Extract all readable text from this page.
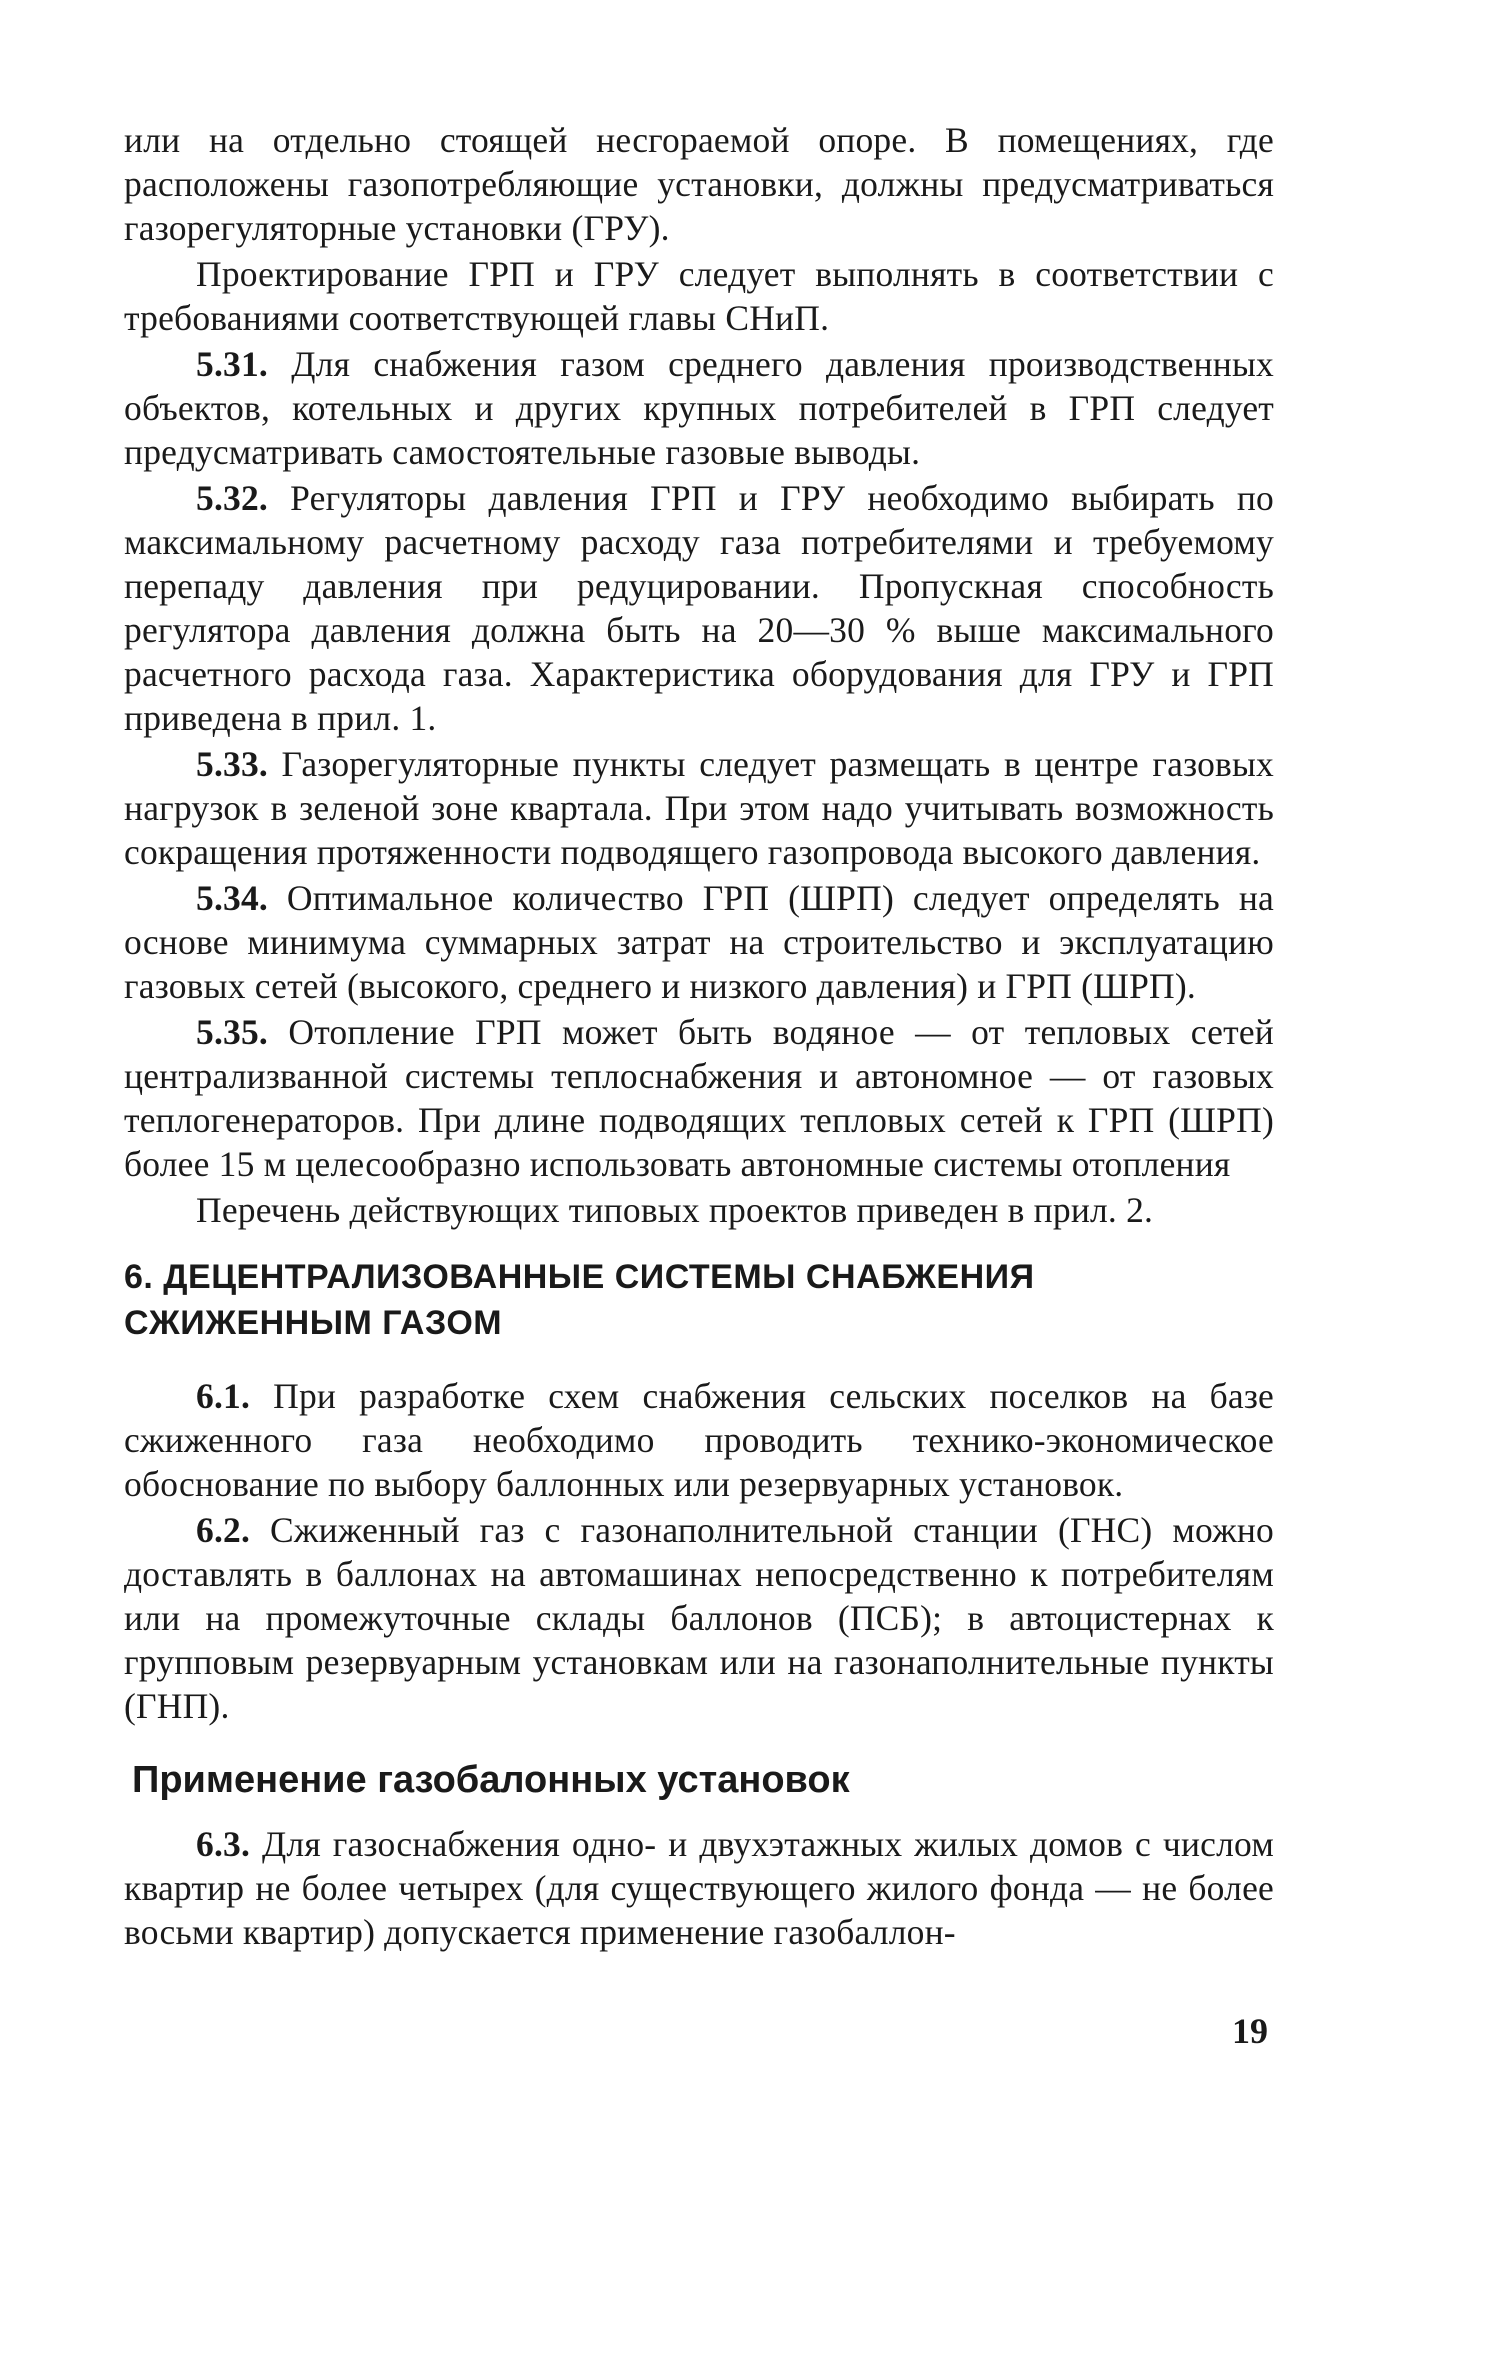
или на отдельно стоящей несгораемой опоре. В помещениях, где расположены газопотребляющие установки, должны предусматриваться газорегуляторные установки (ГРУ).

Проектирование ГРП и ГРУ следует выполнять в соответствии с требованиями соответствующей главы СНиП.

5.31. Для снабжения газом среднего давления производственных объектов, котельных и других крупных потребителей в ГРП следует предусматривать самостоятельные газовые выводы.

5.32. Регуляторы давления ГРП и ГРУ необходимо выбирать по максимальному расчетному расходу газа потребителями и требуемому перепаду давления при редуцировании. Пропускная способность регулятора давления должна быть на 20—30 % выше максимального расчетного расхода газа. Характеристика оборудования для ГРУ и ГРП приведена в прил. 1.

5.33. Газорегуляторные пункты следует размещать в центре газовых нагрузок в зеленой зоне квартала. При этом надо учитывать возможность сокращения протяженности подводящего газопровода высокого давления.

5.34. Оптимальное количество ГРП (ШРП) следует определять на основе минимума суммарных затрат на строительство и эксплуатацию газовых сетей (высокого, среднего и низкого давления) и ГРП (ШРП).

5.35. Отопление ГРП может быть водяное — от тепловых сетей централизванной системы теплоснабжения и автономное — от газовых теплогенераторов. При длине подводящих тепловых сетей к ГРП (ШРП) более 15 м целесообразно использовать автономные системы отопления

Перечень действующих типовых проектов приведен в прил. 2.

6. ДЕЦЕНТРАЛИЗОВАННЫЕ СИСТЕМЫ СНАБЖЕНИЯ СЖИЖЕННЫМ ГАЗОМ

6.1. При разработке схем снабжения сельских поселков на базе сжиженного газа необходимо проводить технико-экономическое обоснование по выбору баллонных или резервуарных установок.

6.2. Сжиженный газ с газонаполнительной станции (ГНС) можно доставлять в баллонах на автомашинах непосредственно к потребителям или на промежуточные склады баллонов (ПСБ); в автоцистернах к групповым резервуарным установкам или на газонаполнительные пункты (ГНП).

Применение газобалонных установок

6.3. Для газоснабжения одно- и двухэтажных жилых домов с числом квартир не более четырех (для существующего жилого фонда — не более восьми квартир) допускается применение газобаллон-

19
